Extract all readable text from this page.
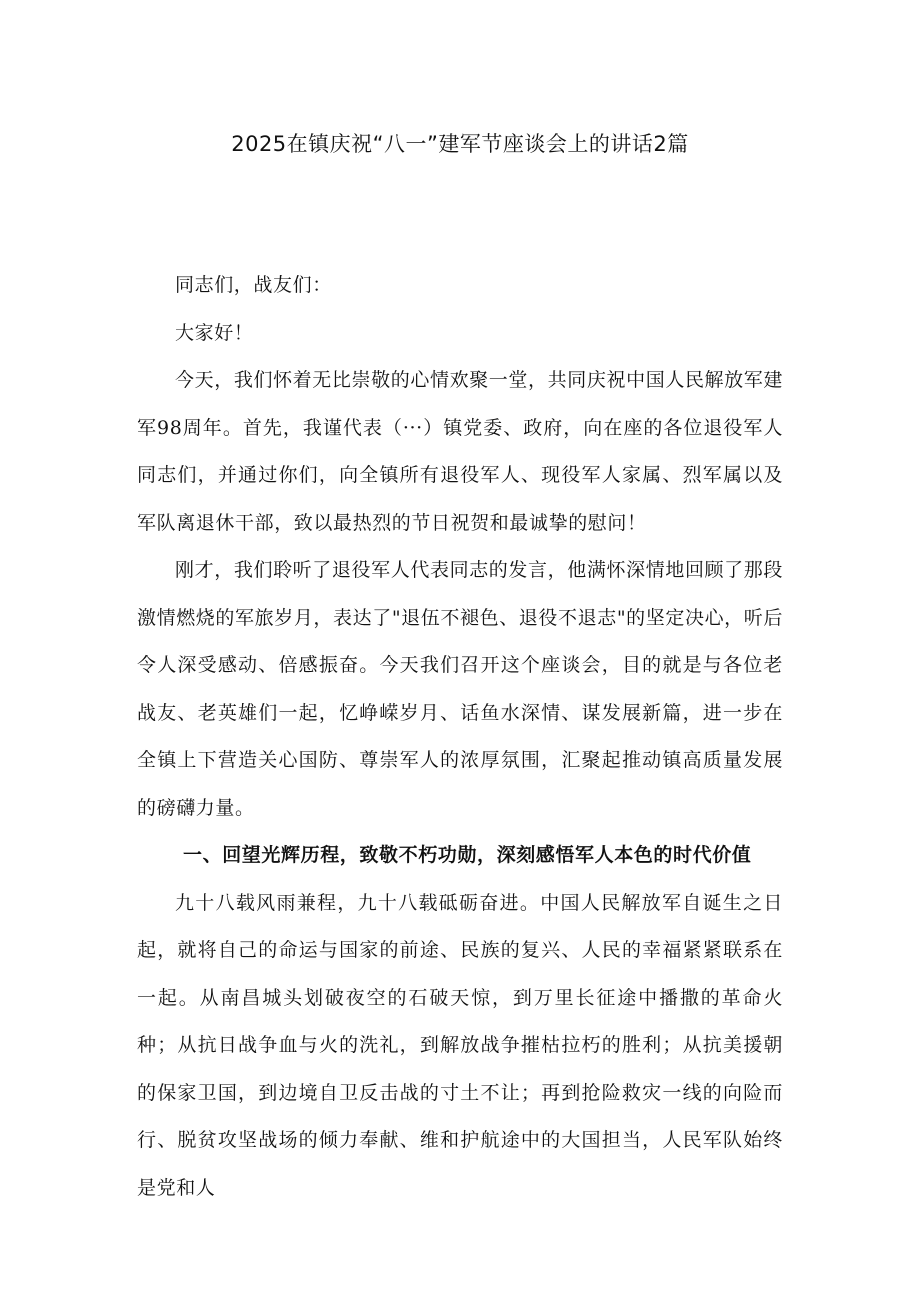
2025在镇庆祝“八一”建军节座谈会上的讲话2篇

同志们，战友们：

大家好！

今天，我们怀着无比崇敬的心情欢聚一堂，共同庆祝中国人民解放军建军98周年。首先，我谨代表（···）镇党委、政府，向在座的各位退役军人同志们，并通过你们，向全镇所有退役军人、现役军人家属、烈军属以及军队离退休干部，致以最热烈的节日祝贺和最诚挚的慰问！

刚才，我们聆听了退役军人代表同志的发言，他满怀深情地回顾了那段激情燃烧的军旅岁月，表达了"退伍不褪色、退役不退志"的坚定决心，听后令人深受感动、倍感振奋。今天我们召开这个座谈会，目的就是与各位老战友、老英雄们一起，忆峥嵘岁月、话鱼水深情、谋发展新篇，进一步在全镇上下营造关心国防、尊崇军人的浓厚氛围，汇聚起推动镇高质量发展的磅礴力量。

一、回望光辉历程，致敬不朽功勋，深刻感悟军人本色的时代价值

九十八载风雨兼程，九十八载砥砺奋进。中国人民解放军自诞生之日起，就将自己的命运与国家的前途、民族的复兴、人民的幸福紧紧联系在一起。从南昌城头划破夜空的石破天惊，到万里长征途中播撒的革命火种；从抗日战争血与火的洗礼，到解放战争摧枯拉朽的胜利；从抗美援朝的保家卫国，到边境自卫反击战的寸土不让；再到抢险救灾一线的向险而行、脱贫攻坚战场的倾力奉献、维和护航途中的大国担当，人民军队始终是党和人
